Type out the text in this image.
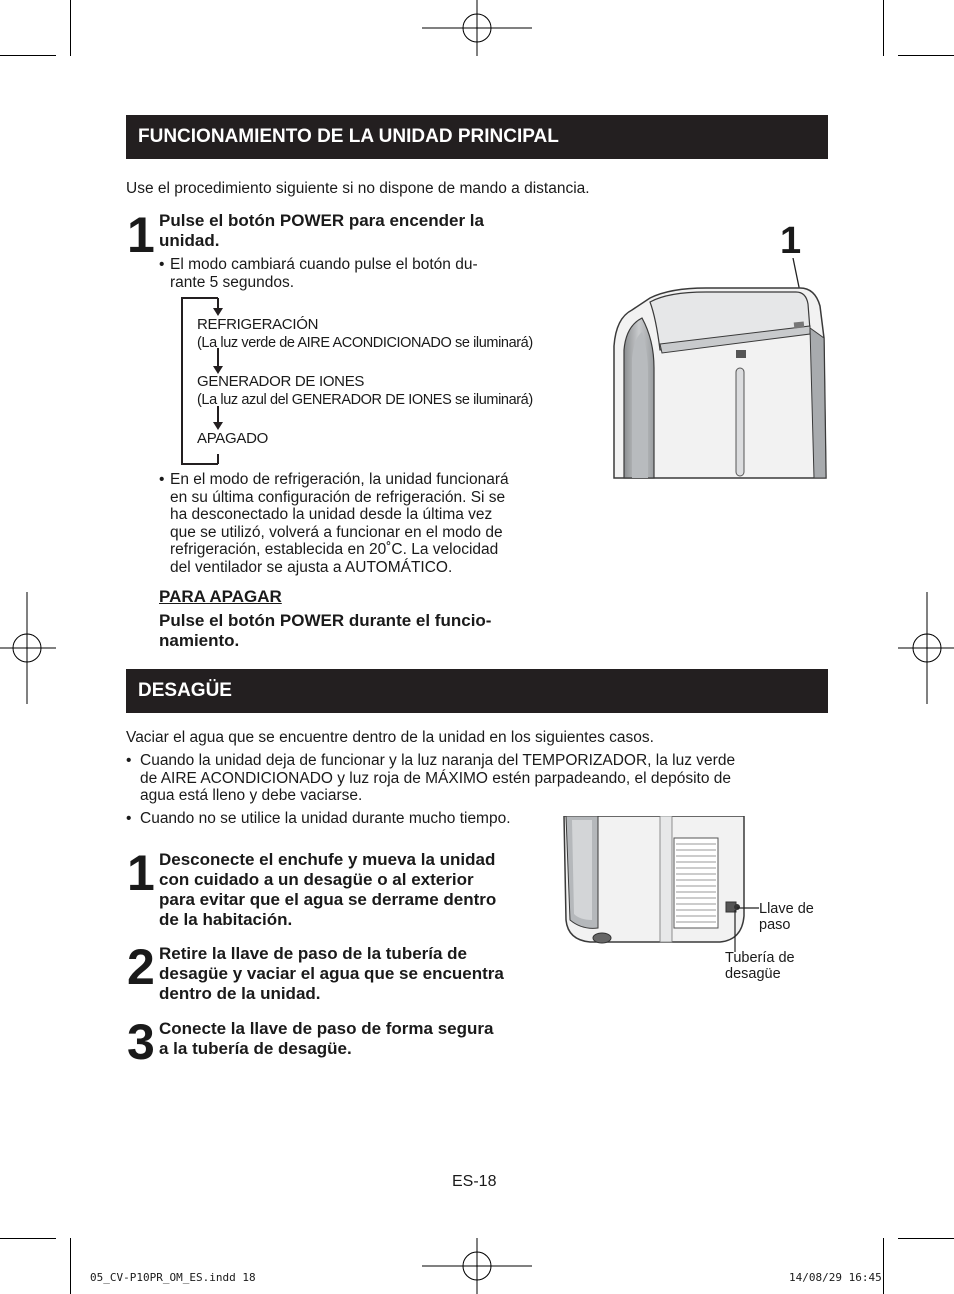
FUNCIONAMIENTO DE LA UNIDAD PRINCIPAL
Use el procedimiento siguiente si no dispone de mando a distancia.
1 Pulse el botón POWER para encender la
unidad.
• El modo cambiará cuando pulse el botón du-
rante 5 segundos.
REFRIGERACIÓN
(La luz verde de AIRE ACONDICIONADO se iluminará)
GENERADOR DE IONES
(La luz azul del GENERADOR DE IONES se iluminará)
APAGADO
• En el modo de refrigeración, la unidad funcionará
en su última configuración de refrigeración. Si se
ha desconectado la unidad desde la última vez
que se utilizó, volverá a funcionar en el modo de
refrigeración, establecida en 20˚C. La velocidad
del ventilador se ajusta a AUTOMÁTICO.
PARA APAGAR
Pulse el botón POWER durante el funcio-
namiento.
1
DESAGÜE
Vaciar el agua que se encuentre dentro de la unidad en los siguientes casos.
• Cuando la unidad deja de funcionar y la luz naranja del TEMPORIZADOR, la luz verde
de AIRE ACONDICIONADO y luz roja de MÁXIMO estén parpadeando, el depósito de
agua está lleno y debe vaciarse.
• Cuando no se utilice la unidad durante mucho tiempo.
1 Desconecte el enchufe y mueva la unidad
con cuidado a un desagüe o al exterior
para evitar que el agua se derrame dentro
de la habitación.
2 Retire la llave de paso de la tubería de
desagüe y vaciar el agua que se encuentra
dentro de la unidad.
3 Conecte la llave de paso de forma segura
a la tubería de desagüe.
Llave de
paso
Tubería de
desagüe
ES-18
05_CV-P10PR_OM_ES.indd 18	14/08/29 16:45
